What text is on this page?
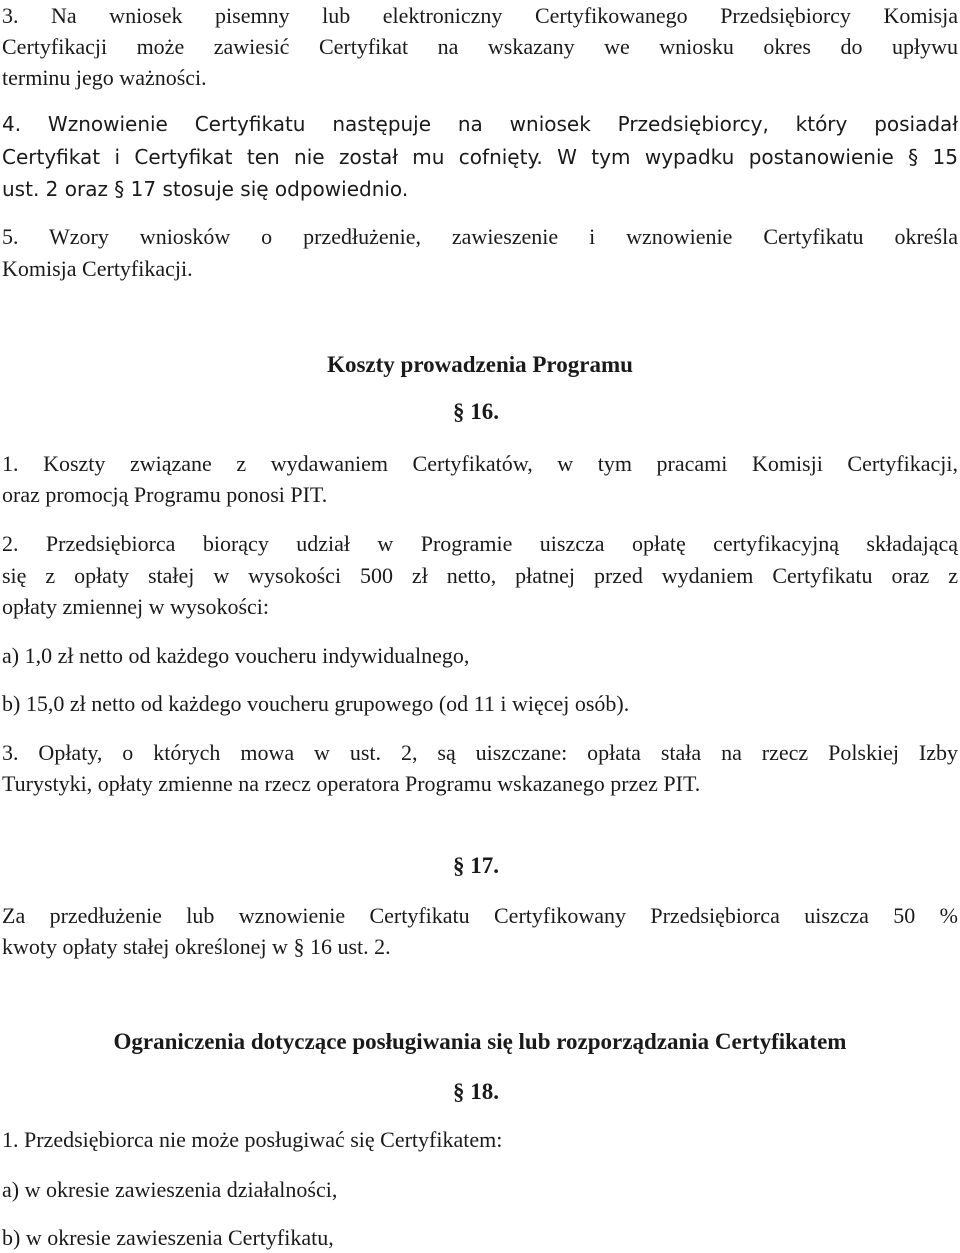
3. Na wniosek pisemny lub elektroniczny Certyfikowanego Przedsiębiorcy Komisja
Certyfikacji może zawiesić Certyfikat na wskazany we wniosku okres do upływu
terminu jego ważności.
4. Wznowienie Certyfikatu następuje na wniosek Przedsiębiorcy, który posiadał
Certyfikat i Certyfikat ten nie został mu cofnięty. W tym wypadku postanowienie § 15
ust. 2 oraz § 17 stosuje się odpowiednio.
5. Wzory wniosków o przedłużenie, zawieszenie i wznowienie Certyfikatu określa
Komisja Certyfikacji.
Koszty prowadzenia Programu
§ 16.
1. Koszty związane z wydawaniem Certyfikatów, w tym pracami Komisji Certyfikacji,
oraz promocją Programu ponosi PIT.
2. Przedsiębiorca biorący udział w Programie uiszcza opłatę certyfikacyjną składającą
się z opłaty stałej w wysokości 500 zł netto, płatnej przed wydaniem Certyfikatu oraz z
opłaty zmiennej w wysokości:
a) 1,0 zł netto od każdego voucheru indywidualnego,
b) 15,0 zł netto od każdego voucheru grupowego (od 11 i więcej osób).
3. Opłaty, o których mowa w ust. 2, są uiszczane: opłata stała na rzecz Polskiej Izby
Turystyki, opłaty zmienne na rzecz operatora Programu wskazanego przez PIT.
§ 17.
Za przedłużenie lub wznowienie Certyfikatu Certyfikowany Przedsiębiorca uiszcza 50 %
kwoty opłaty stałej określonej w § 16 ust. 2.
Ograniczenia dotyczące posługiwania się lub rozporządzania Certyfikatem
§ 18.
1. Przedsiębiorca nie może posługiwać się Certyfikatem:
a) w okresie zawieszenia działalności,
b) w okresie zawieszenia Certyfikatu,
